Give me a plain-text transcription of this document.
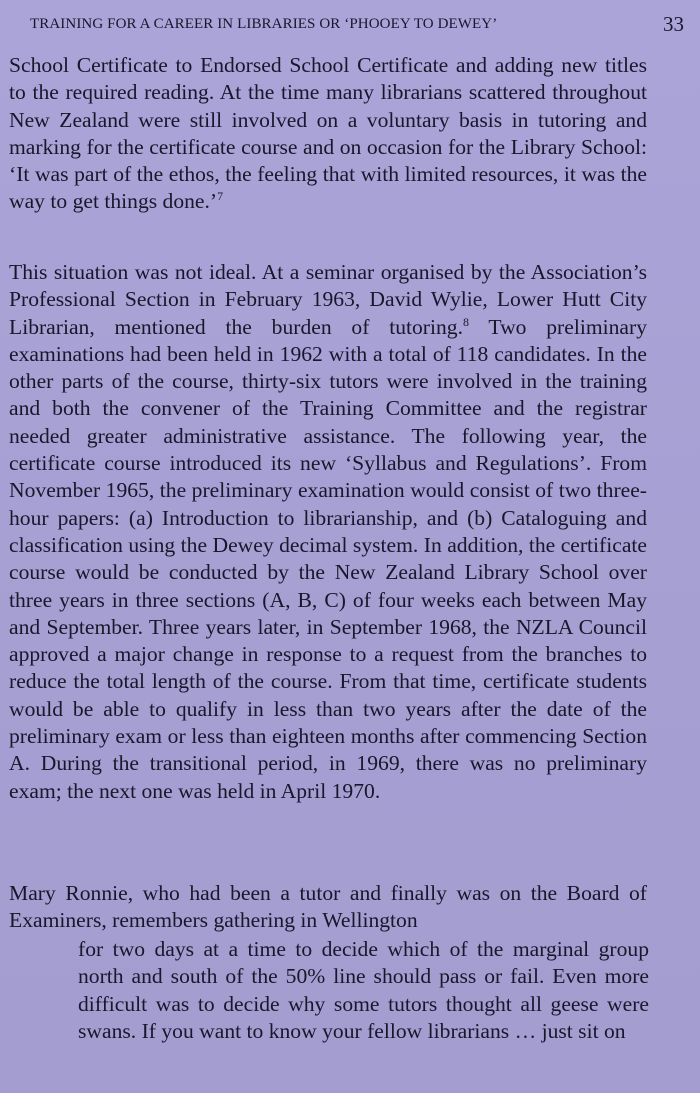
TRAINING FOR A CAREER IN LIBRARIES OR ‘PHOOEY TO DEWEY’	33

School Certificate to Endorsed School Certificate and adding new titles to the required reading. At the time many librarians scattered throughout New Zealand were still involved on a voluntary basis in tutoring and marking for the certificate course and on occasion for the Library School: ‘It was part of the ethos, the feeling that with limited resources, it was the way to get things done.’$^7$

This situation was not ideal. At a seminar organised by the Association’s Professional Section in February 1963, David Wylie, Lower Hutt City Librarian, mentioned the burden of tutoring.$^8$ Two preliminary examinations had been held in 1962 with a total of 118 candidates. In the other parts of the course, thirty-six tutors were involved in the training and both the convener of the Training Committee and the registrar needed greater administrative assistance. The following year, the certificate course introduced its new ‘Syllabus and Regulations’. From November 1965, the preliminary examination would consist of two three-hour papers: (a) Introduction to librarianship, and (b) Cataloguing and classification using the Dewey decimal system. In addition, the certificate course would be conducted by the New Zealand Library School over three years in three sections (A, B, C) of four weeks each between May and September. Three years later, in September 1968, the NZLA Council approved a major change in response to a request from the branches to reduce the total length of the course. From that time, certificate students would be able to qualify in less than two years after the date of the preliminary exam or less than eighteen months after commencing Section A. During the transitional period, in 1969, there was no preliminary exam; the next one was held in April 1970.

Mary Ronnie, who had been a tutor and finally was on the Board of Examiners, remembers gathering in Wellington

for two days at a time to decide which of the marginal group north and south of the 50% line should pass or fail. Even more difficult was to decide why some tutors thought all geese were swans. If you want to know your fellow librarians … just sit on
